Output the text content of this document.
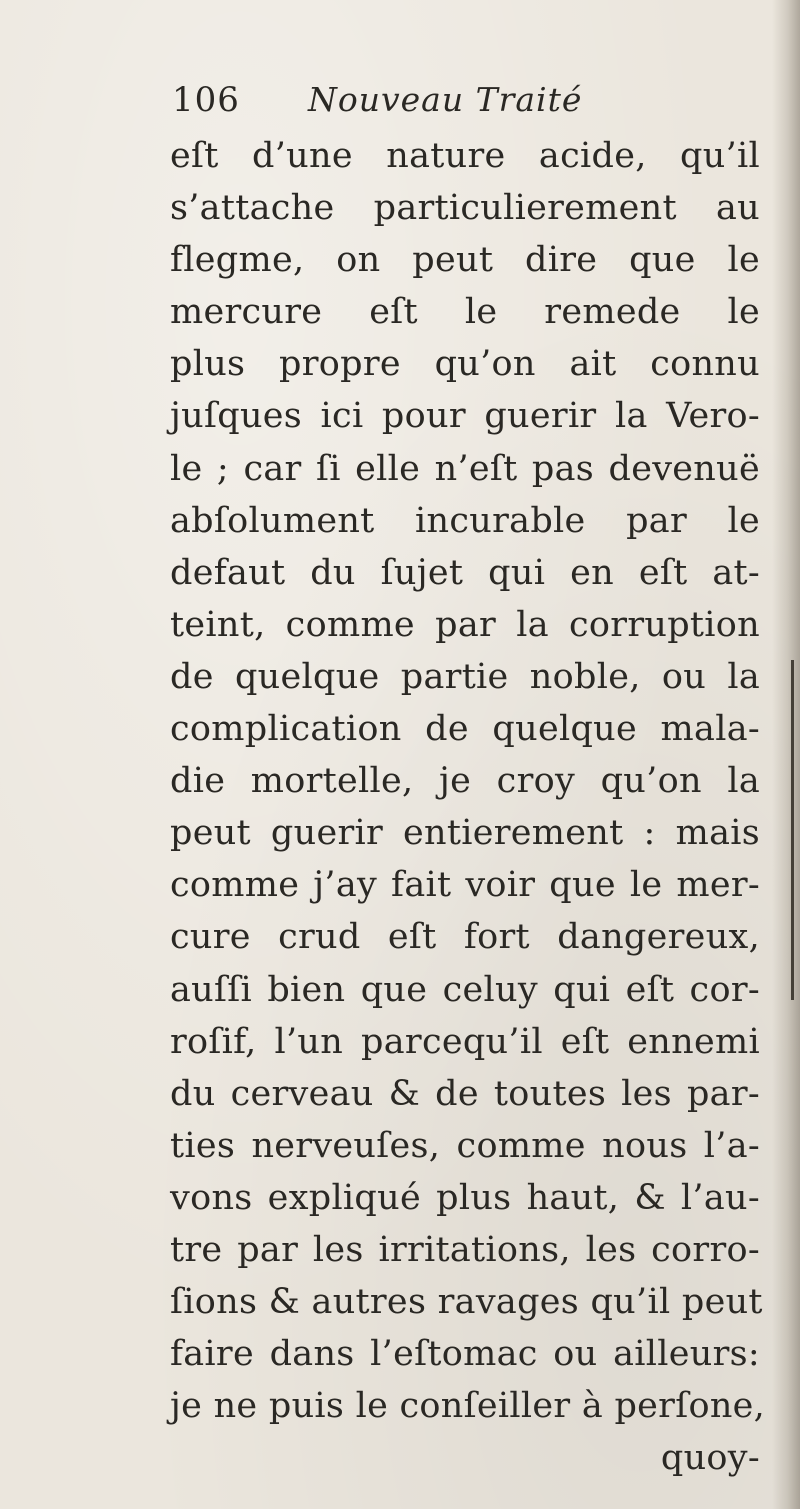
106 Nouveau Traité
eſt d’une nature acide, qu’il
s’attache particulierement au
flegme, on peut dire que le
mercure eſt le remede le
plus propre qu’on ait connu
juſques ici pour guerir la Vero-
le ; car ſi elle n’eſt pas devenuë
abſolument incurable par le
defaut du ſujet qui en eſt at-
teint, comme par la corruption
de quelque partie noble, ou la
complication de quelque mala-
die mortelle, je croy qu’on la
peut guerir entierement : mais
comme j’ay fait voir que le mer-
cure crud eſt fort dangereux,
auſſi bien que celuy qui eſt cor-
roſif, l’un parcequ’il eſt ennemi
du cerveau & de toutes les par-
ties nerveuſes, comme nous l’a-
vons expliqué plus haut, & l’au-
tre par les irritations, les corro-
ſions & autres ravages qu’il peut
faire dans l’eſtomac ou ailleurs:
je ne puis le conſeiller à perſone,
quoy-
